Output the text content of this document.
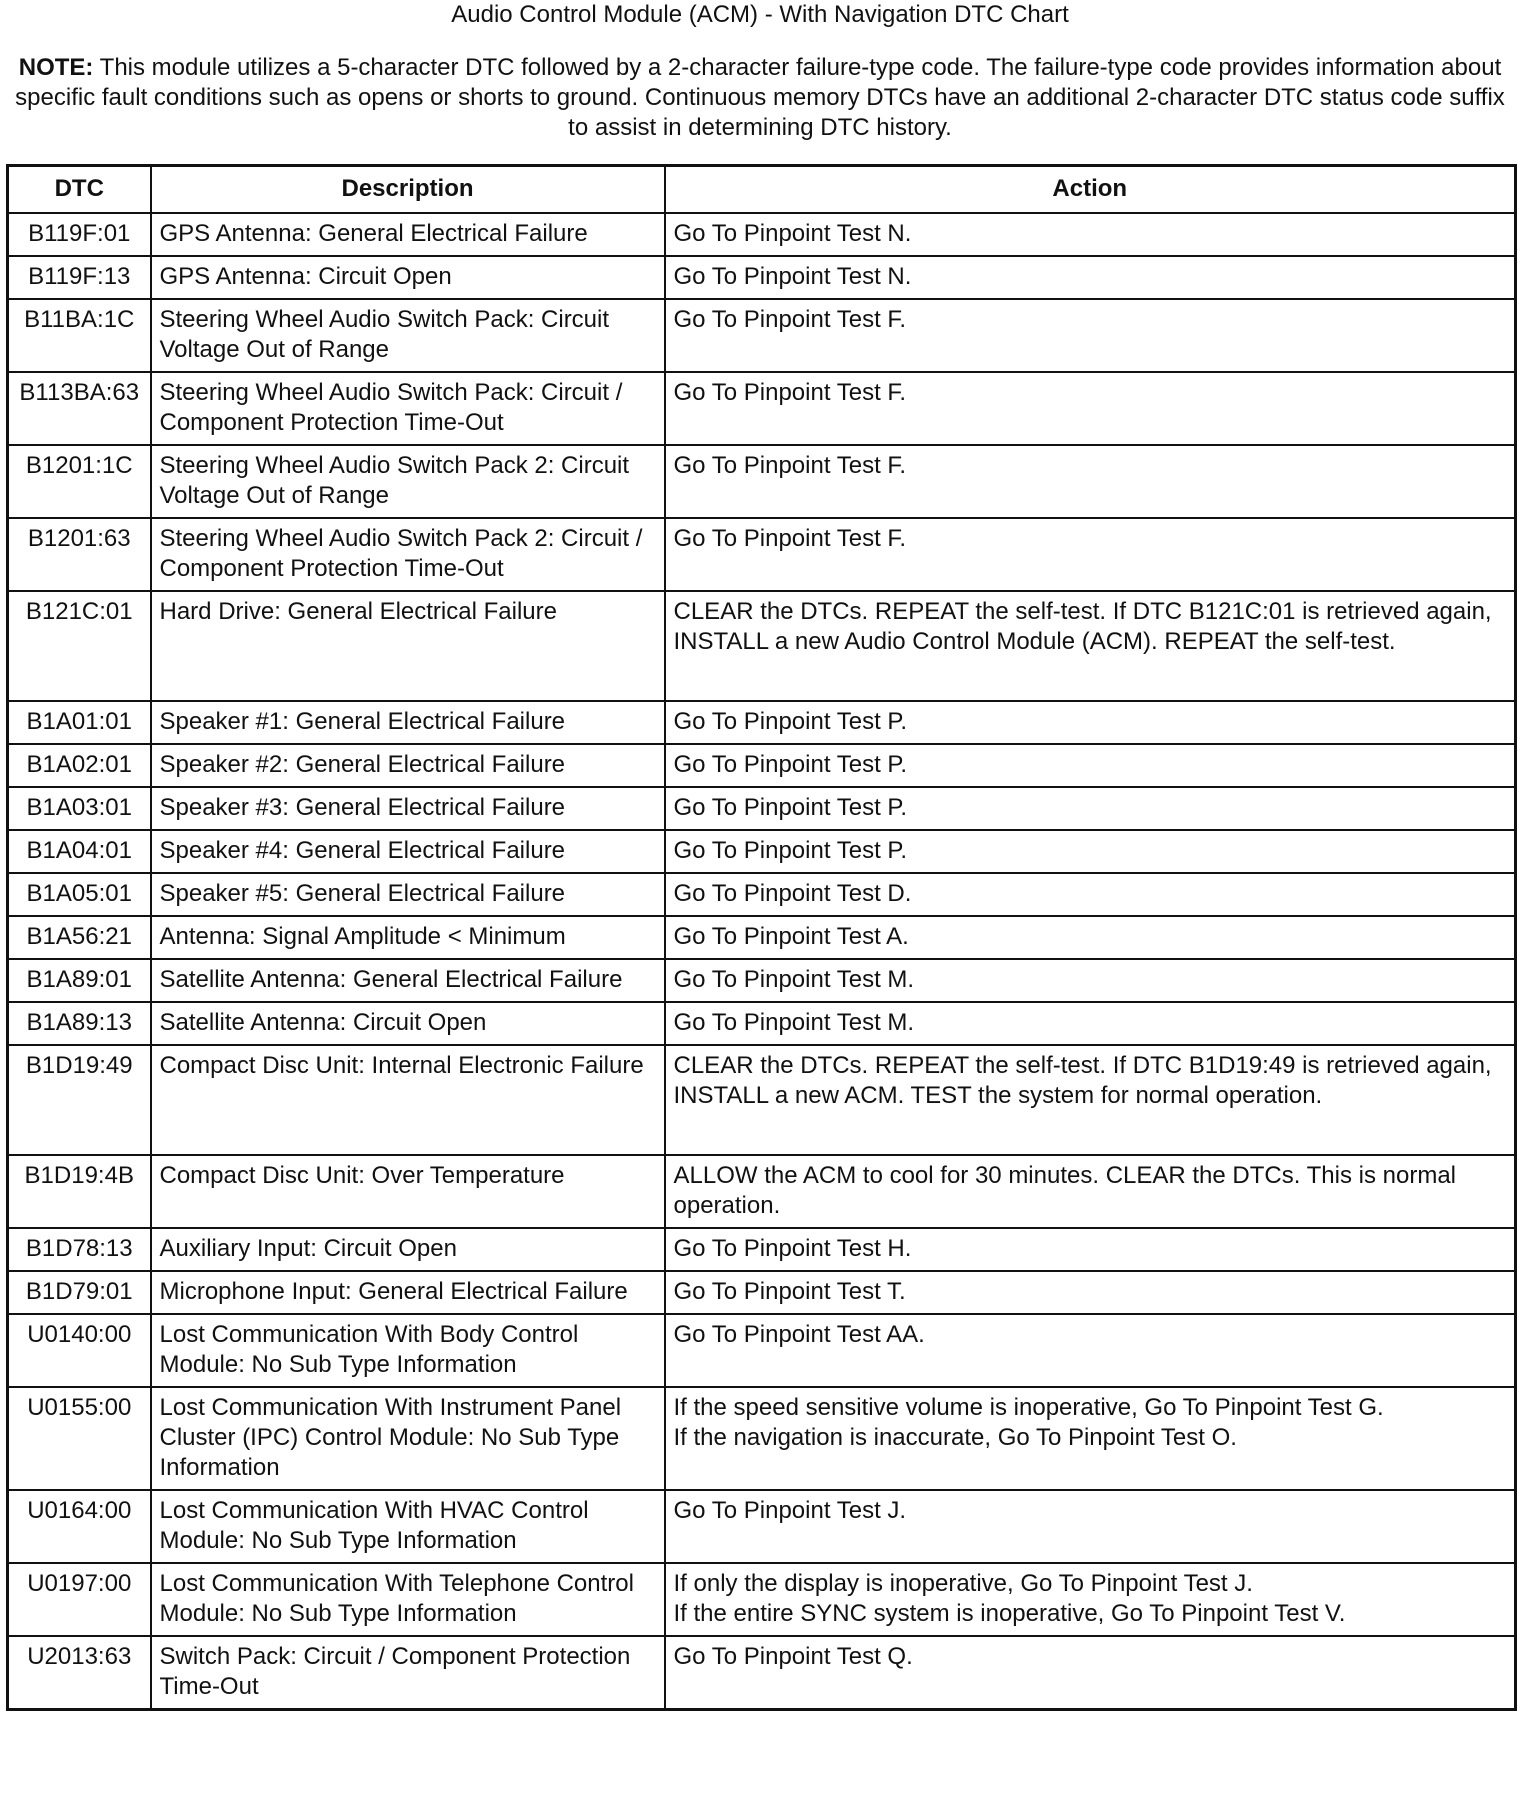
Audio Control Module (ACM) - With Navigation DTC Chart
NOTE: This module utilizes a 5-character DTC followed by a 2-character failure-type code. The failure-type code provides information about specific fault conditions such as opens or shorts to ground. Continuous memory DTCs have an additional 2-character DTC status code suffix to assist in determining DTC history.
DTC	Description	Action
B119F:01	GPS Antenna: General Electrical Failure	Go To Pinpoint Test N.
B119F:13	GPS Antenna: Circuit Open	Go To Pinpoint Test N.
B11BA:1C	Steering Wheel Audio Switch Pack: Circuit Voltage Out of Range	Go To Pinpoint Test F.
B113BA:63	Steering Wheel Audio Switch Pack: Circuit / Component Protection Time-Out	Go To Pinpoint Test F.
B1201:1C	Steering Wheel Audio Switch Pack 2: Circuit Voltage Out of Range	Go To Pinpoint Test F.
B1201:63	Steering Wheel Audio Switch Pack 2: Circuit / Component Protection Time-Out	Go To Pinpoint Test F.
B121C:01	Hard Drive: General Electrical Failure	CLEAR the DTCs. REPEAT the self-test. If DTC B121C:01 is retrieved again, INSTALL a new Audio Control Module (ACM). REPEAT the self-test.
B1A01:01	Speaker #1: General Electrical Failure	Go To Pinpoint Test P.
B1A02:01	Speaker #2: General Electrical Failure	Go To Pinpoint Test P.
B1A03:01	Speaker #3: General Electrical Failure	Go To Pinpoint Test P.
B1A04:01	Speaker #4: General Electrical Failure	Go To Pinpoint Test P.
B1A05:01	Speaker #5: General Electrical Failure	Go To Pinpoint Test D.
B1A56:21	Antenna: Signal Amplitude < Minimum	Go To Pinpoint Test A.
B1A89:01	Satellite Antenna: General Electrical Failure	Go To Pinpoint Test M.
B1A89:13	Satellite Antenna: Circuit Open	Go To Pinpoint Test M.
B1D19:49	Compact Disc Unit: Internal Electronic Failure	CLEAR the DTCs. REPEAT the self-test. If DTC B1D19:49 is retrieved again, INSTALL a new ACM. TEST the system for normal operation.
B1D19:4B	Compact Disc Unit: Over Temperature	ALLOW the ACM to cool for 30 minutes. CLEAR the DTCs. This is normal operation.
B1D78:13	Auxiliary Input: Circuit Open	Go To Pinpoint Test H.
B1D79:01	Microphone Input: General Electrical Failure	Go To Pinpoint Test T.
U0140:00	Lost Communication With Body Control Module: No Sub Type Information	Go To Pinpoint Test AA.
U0155:00	Lost Communication With Instrument Panel Cluster (IPC) Control Module: No Sub Type Information	If the speed sensitive volume is inoperative, Go To Pinpoint Test G.
If the navigation is inaccurate, Go To Pinpoint Test O.
U0164:00	Lost Communication With HVAC Control Module: No Sub Type Information	Go To Pinpoint Test J.
U0197:00	Lost Communication With Telephone Control Module: No Sub Type Information	If only the display is inoperative, Go To Pinpoint Test J.
If the entire SYNC system is inoperative, Go To Pinpoint Test V.
U2013:63	Switch Pack: Circuit / Component Protection Time-Out	Go To Pinpoint Test Q.
